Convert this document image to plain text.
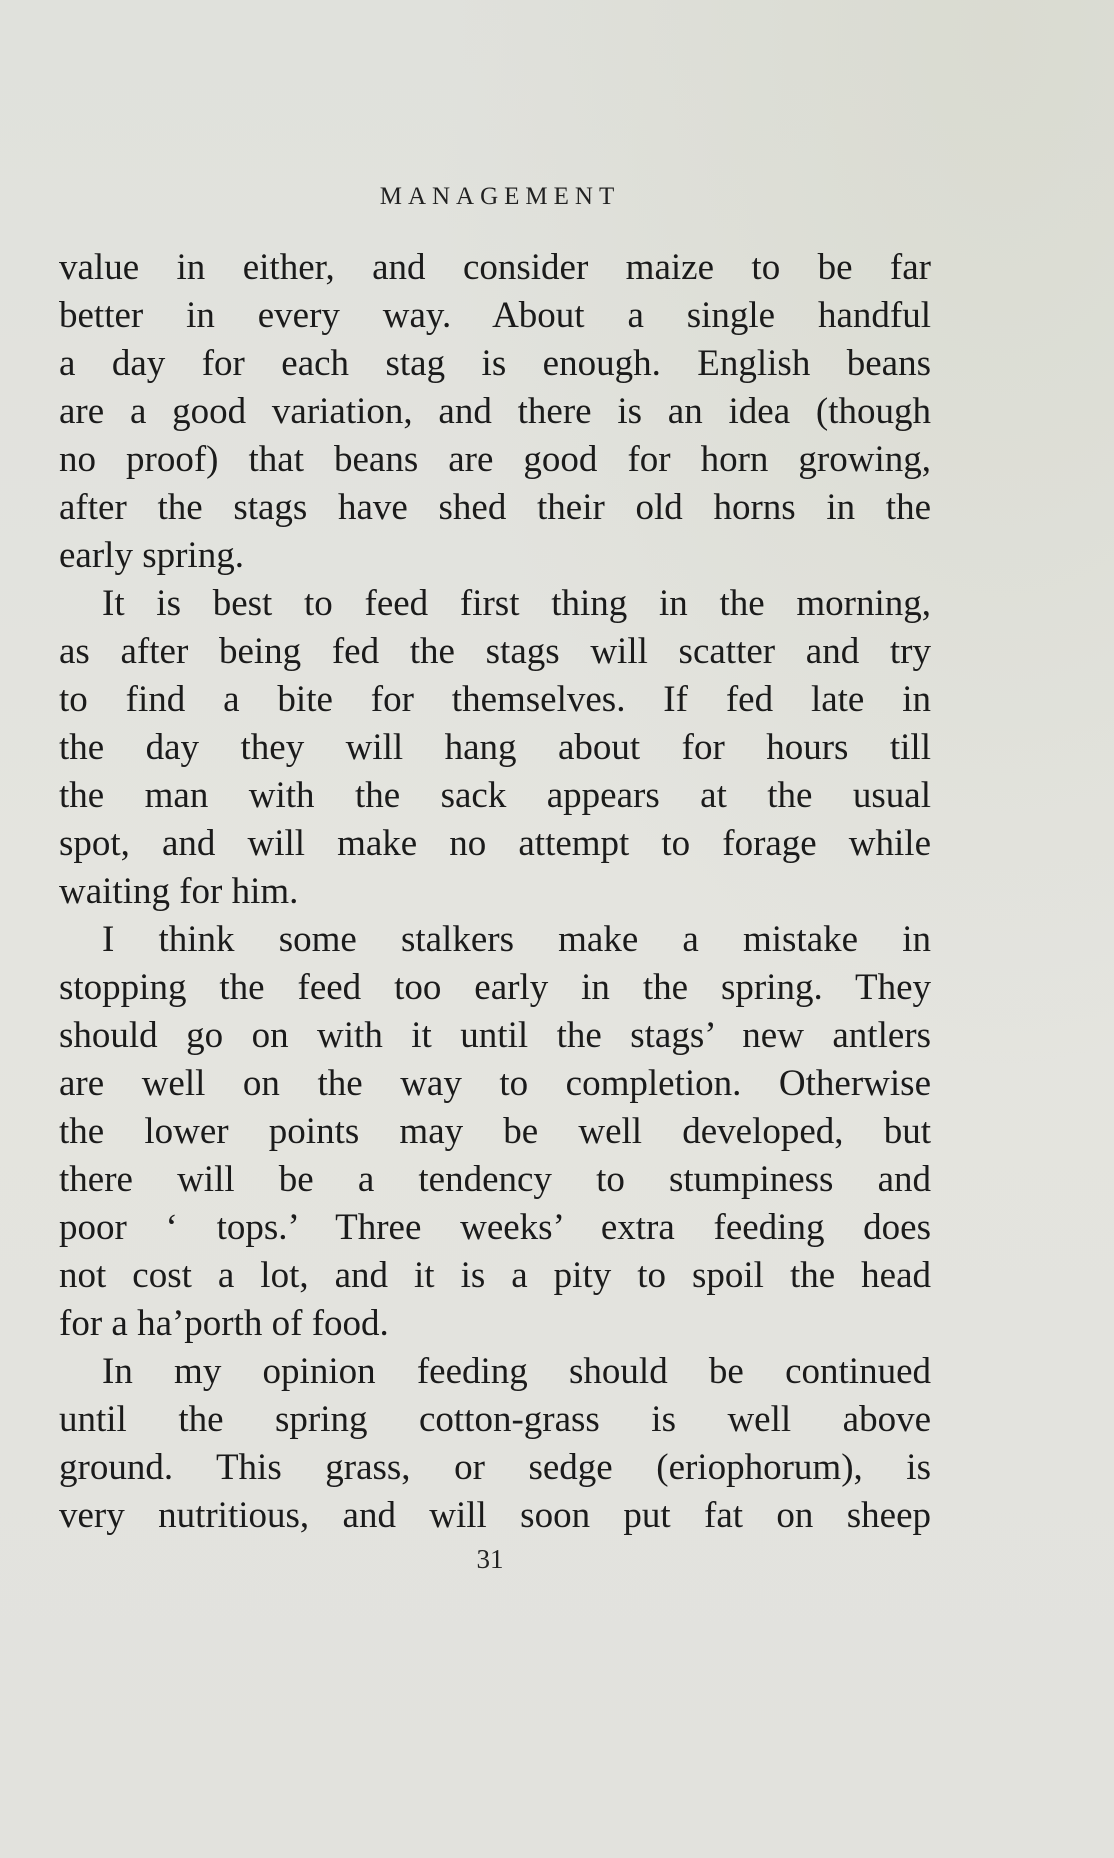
MANAGEMENT
value in either, and consider maize to be far
better in every way. About a single handful
a day for each stag is enough. English beans
are a good variation, and there is an idea (though
no proof) that beans are good for horn growing,
after the stags have shed their old horns in the
early spring.
It is best to feed first thing in the morning,
as after being fed the stags will scatter and try
to find a bite for themselves. If fed late in
the day they will hang about for hours till
the man with the sack appears at the usual
spot, and will make no attempt to forage while
waiting for him.
I think some stalkers make a mistake in
stopping the feed too early in the spring. They
should go on with it until the stags’ new antlers
are well on the way to completion. Otherwise
the lower points may be well developed, but
there will be a tendency to stumpiness and
poor ‘ tops.’ Three weeks’ extra feeding does
not cost a lot, and it is a pity to spoil the head
for a ha’porth of food.
In my opinion feeding should be continued
until the spring cotton-grass is well above
ground. This grass, or sedge (eriophorum), is
very nutritious, and will soon put fat on sheep
31
